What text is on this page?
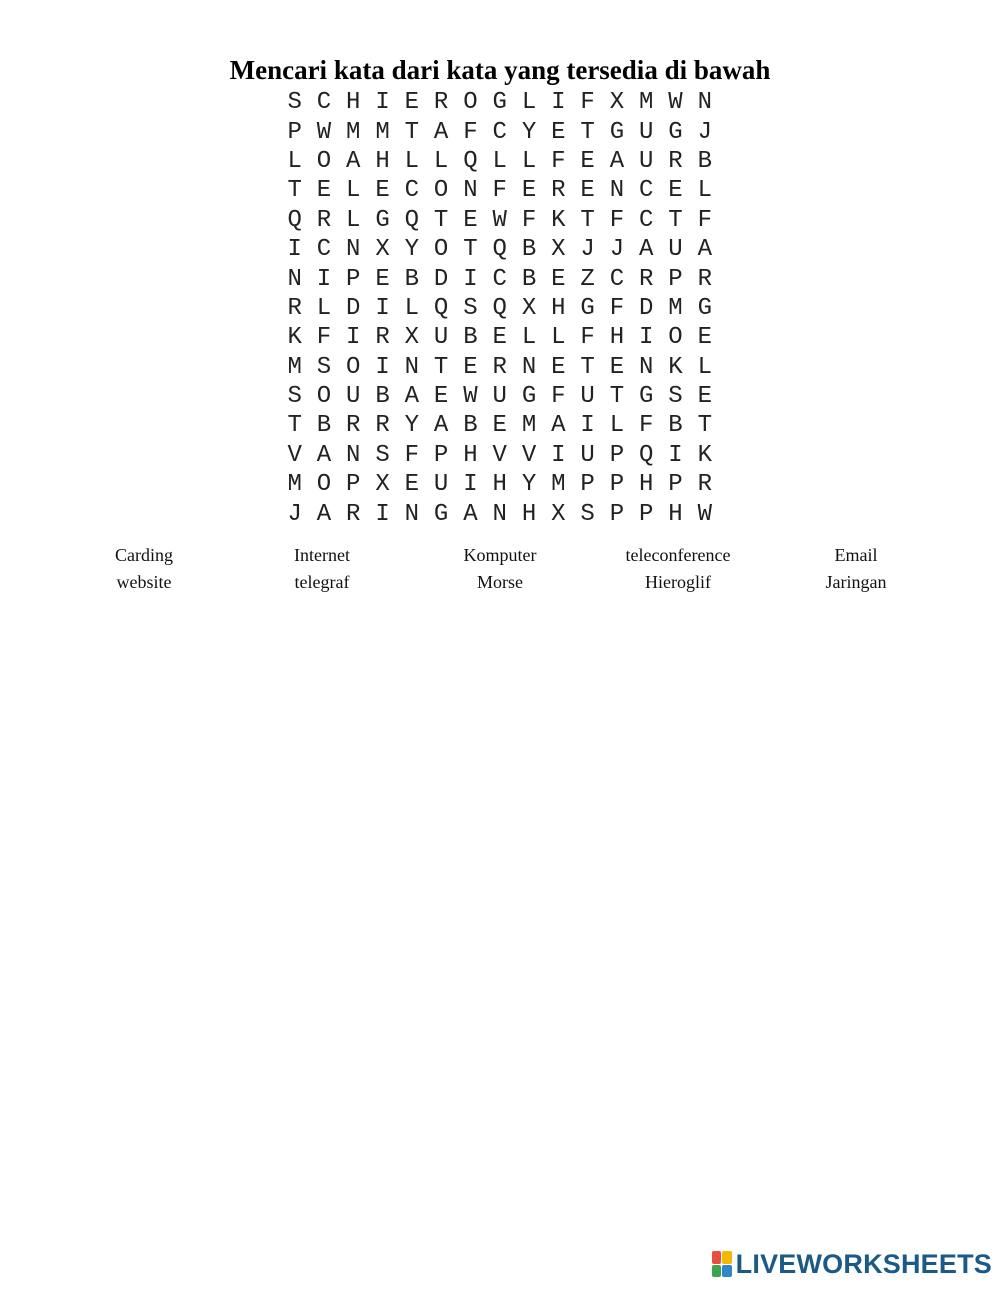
Mencari kata dari kata yang tersedia di bawah
S C H I E R O G L I F X M W N
P W M M T A F C Y E T G U G J
L O A H L L Q L L F E A U R B
T E L E C O N F E R E N C E L
Q R L G Q T E W F K T F C T F
I C N X Y O T Q B X J J A U A
N I P E B D I C B E Z C R P R
R L D I L Q S Q X H G F D M G
K F I R X U B E L L F H I O E
M S O I N T E R N E T E N K L
S O U B A E W U G F U T G S E
T B R R Y A B E M A I L F B T
V A N S F P H V V I U P Q I K
M O P X E U I H Y M P P H P R
J A R I N G A N H X S P P H W
Carding	Internet	Komputer	teleconference	Email
website	telegraf	Morse	Hieroglif	Jaringan
LIVEWORKSHEETS
